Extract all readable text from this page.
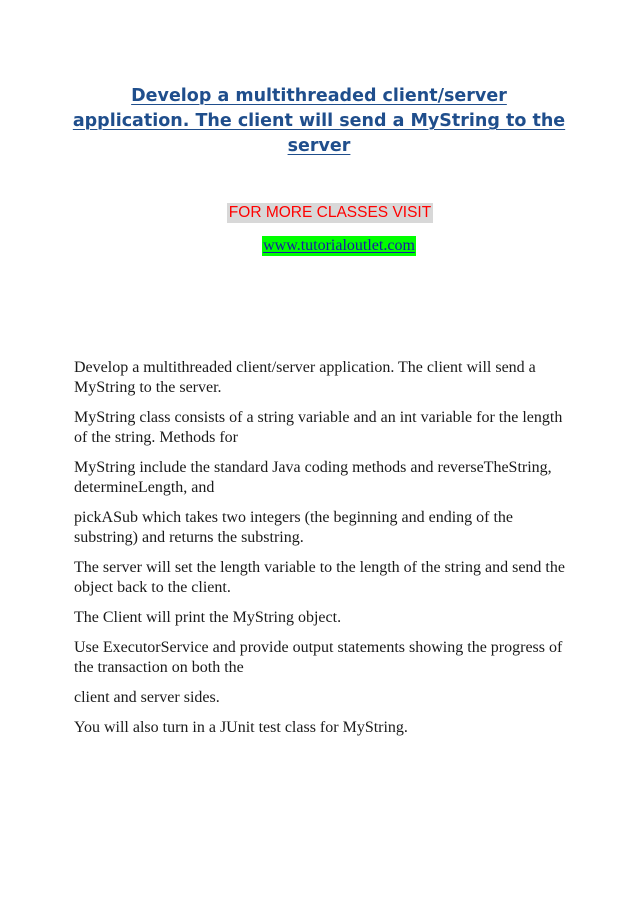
Develop a multithreaded client/server
application. The client will send a MyString to the
server
FOR MORE CLASSES VISIT
www.tutorialoutlet.com

Develop a multithreaded client/server application. The client will send a MyString to the server.

MyString class consists of a string variable and an int variable for the length of the string. Methods for

MyString include the standard Java coding methods and reverseTheString, determineLength, and

pickASub which takes two integers (the beginning and ending of the substring) and returns the substring.

The server will set the length variable to the length of the string and send the object back to the client.

The Client will print the MyString object.

Use ExecutorService and provide output statements showing the progress of the transaction on both the

client and server sides.

You will also turn in a JUnit test class for MyString.
